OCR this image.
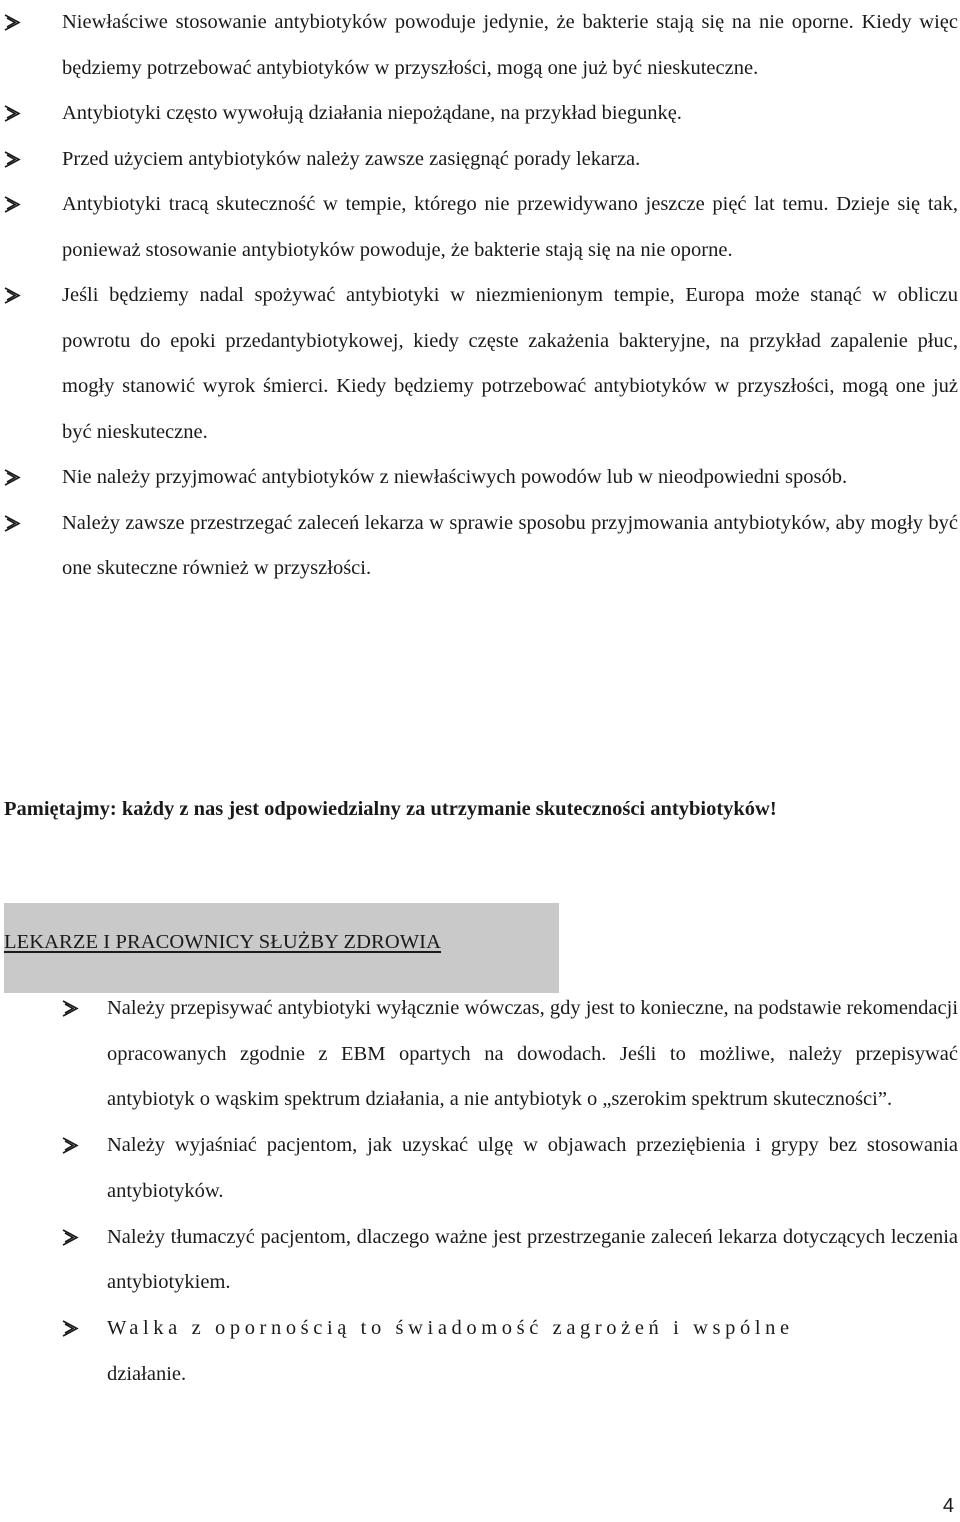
Niewłaściwe stosowanie antybiotyków powoduje jedynie, że bakterie stają się na nie oporne. Kiedy więc będziemy potrzebować antybiotyków w przyszłości, mogą one już być nieskuteczne.
Antybiotyki często wywołują działania niepożądane, na przykład biegunkę.
Przed użyciem antybiotyków należy zawsze zasięgnąć porady lekarza.
Antybiotyki tracą skuteczność w tempie, którego nie przewidywano jeszcze pięć lat temu. Dzieje się tak, ponieważ stosowanie antybiotyków powoduje, że bakterie stają się na nie oporne.
Jeśli będziemy nadal spożywać antybiotyki w niezmienionym tempie, Europa może stanąć w obliczu powrotu do epoki przedantybiotykowej, kiedy częste zakażenia bakteryjne, na przykład zapalenie płuc, mogły stanowić wyrok śmierci. Kiedy będziemy potrzebować antybiotyków w przyszłości, mogą one już być nieskuteczne.
Nie należy przyjmować antybiotyków z niewłaściwych powodów lub w nieodpowiedni sposób.
Należy zawsze przestrzegać zaleceń lekarza w sprawie sposobu przyjmowania antybiotyków, aby mogły być one skuteczne również w przyszłości.
Pamiętajmy: każdy z nas jest odpowiedzialny za utrzymanie skuteczności antybiotyków!
LEKARZE I PRACOWNICY SŁUŻBY ZDROWIA
Należy przepisywać antybiotyki wyłącznie wówczas, gdy jest to konieczne, na podstawie rekomendacji opracowanych zgodnie z EBM opartych na dowodach. Jeśli to możliwe, należy przepisywać antybiotyk o wąskim spektrum działania, a nie antybiotyk o „szerokim spektrum skuteczności”.
Należy wyjaśniać pacjentom, jak uzyskać ulgę w objawach przeziębienia i grypy bez stosowania antybiotyków.
Należy tłumaczyć pacjentom, dlaczego ważne jest przestrzeganie zaleceń lekarza dotyczących leczenia antybiotykiem.
Walka z opornością to świadomość zagrożeń i wspólne
działanie.
4
